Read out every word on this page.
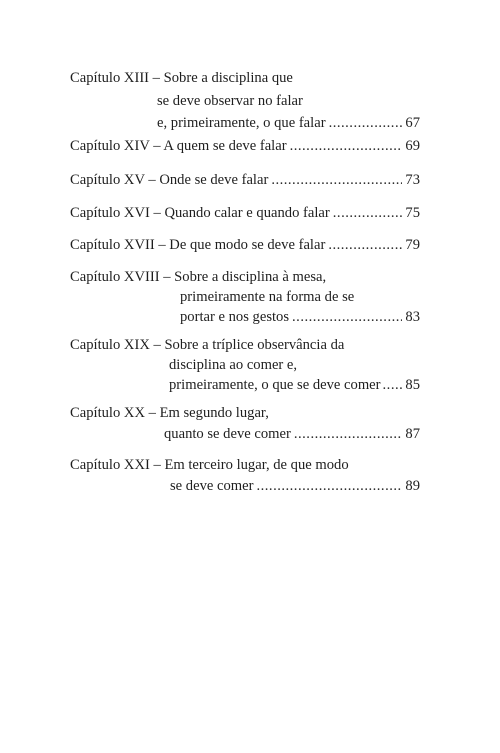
Capítulo XIII – Sobre a disciplina que
se deve observar no falar
e, primeiramente, o que falar .....	67
Capítulo XIV – A quem se deve falar .....	69
Capítulo XV – Onde se deve falar .....	73
Capítulo XVI – Quando calar e quando falar .....	75
Capítulo XVII – De que modo se deve falar .....	79
Capítulo XVIII – Sobre a disciplina à mesa,
primeiramente na forma de se
portar e nos gestos .....	83
Capítulo XIX – Sobre a tríplice observância da
disciplina ao comer e,
primeiramente, o que se deve comer ..... 85
Capítulo XX – Em segundo lugar,
quanto se deve comer .....	87
Capítulo XXI – Em terceiro lugar, de que modo
se deve comer .....	89
